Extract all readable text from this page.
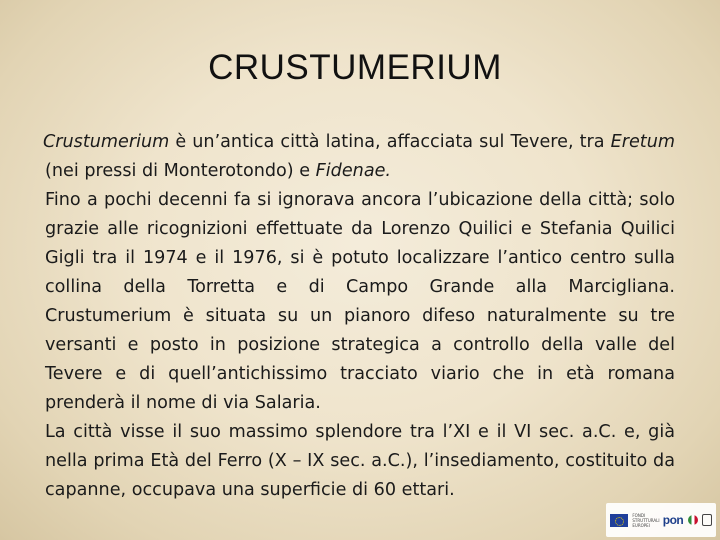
CRUSTUMERIUM

Crustumerium è un’antica città latina, affacciata sul Tevere, tra Eretum (nei pressi di Monterotondo) e Fidenae.

Fino a pochi decenni fa si ignorava ancora l’ubicazione della città; solo grazie alle ricognizioni effettuate da Lorenzo Quilici e Stefania Quilici Gigli tra il 1974 e il 1976, si è potuto localizzare l’antico centro sulla collina della Torretta e di Campo Grande alla Marcigliana. Crustumerium è situata su un pianoro difeso naturalmente su tre versanti e posto in posizione strategica a controllo della valle del Tevere e di quell’antichissimo tracciato viario che in età romana prenderà il nome di via Salaria.

La città visse il suo massimo splendore tra l’XI e il VI sec. a.C. e, già nella prima Età del Ferro (X – IX sec. a.C.), l’insediamento, costituito da capanne, occupava una superficie di 60 ettari.

FONDI STRUTTURALI EUROPEI	pon
